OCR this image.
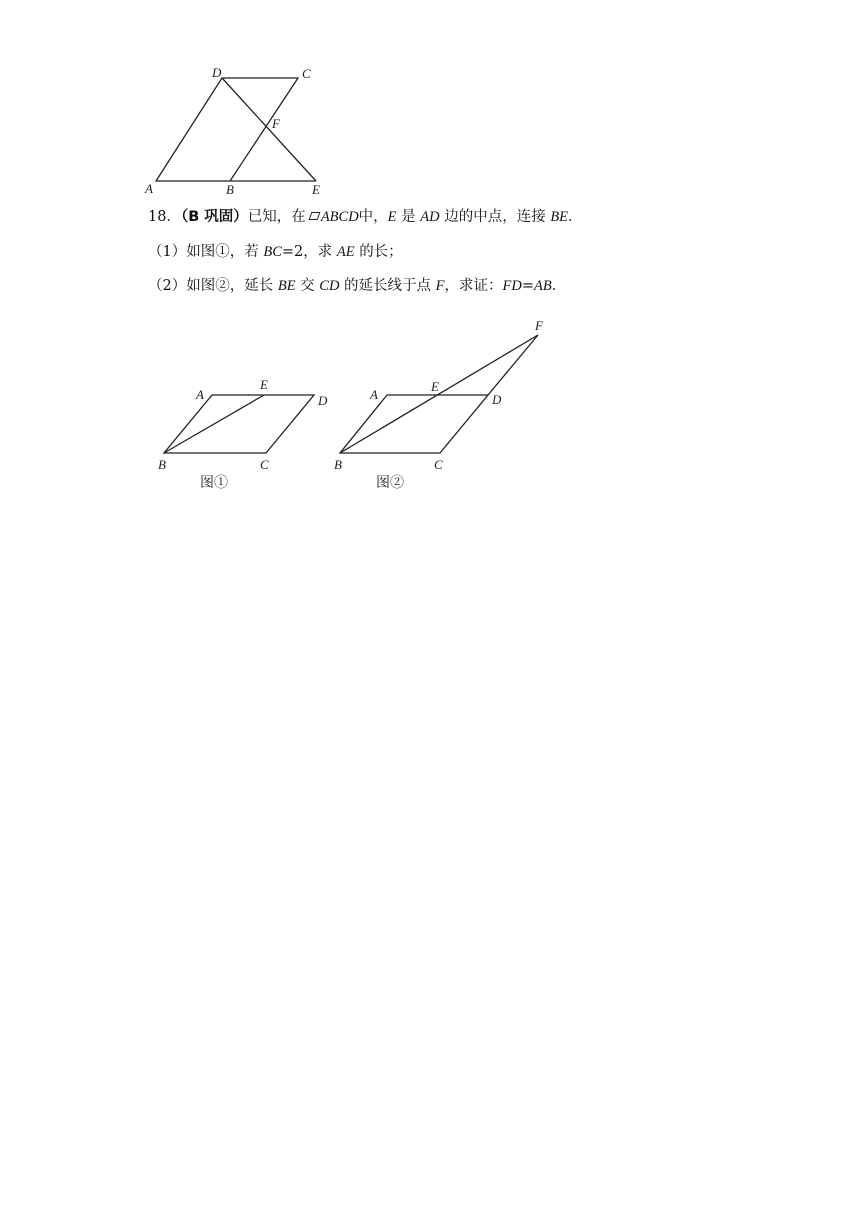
D	C
F
A	B	E
18．（B 巩固）已知，在 ABCD中，E 是 AD 边的中点，连接 BE．
（1）如图①，若 BC=2，求 AE 的长；
（2）如图②，延长 BE 交 CD 的延长线于点 F，求证：FD=AB．
A
E
D
B	C
图①
F
A
E
D
B	C
图②
